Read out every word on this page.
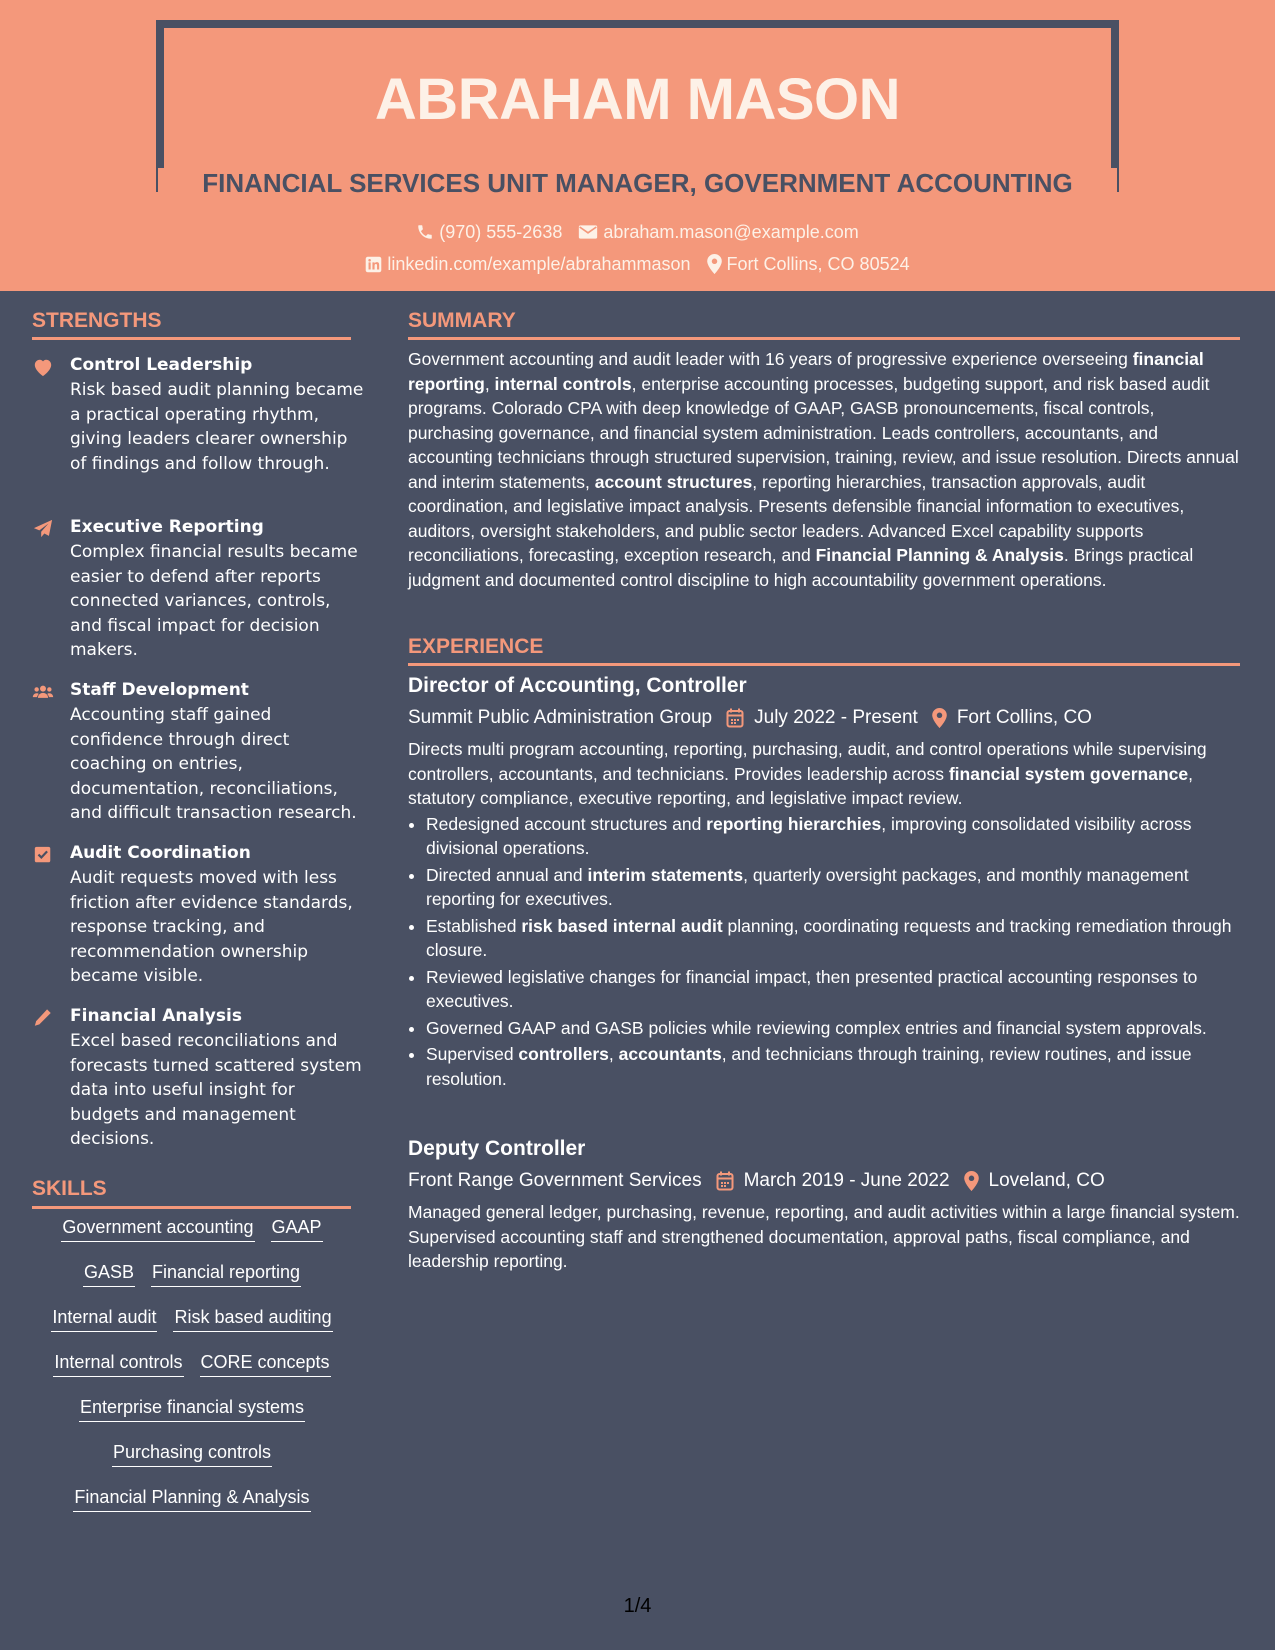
ABRAHAM MASON
FINANCIAL SERVICES UNIT MANAGER, GOVERNMENT ACCOUNTING
(970) 555-2638 abraham.mason@example.com
linkedin.com/example/abrahammason Fort Collins, CO 80524
STRENGTHS
Control Leadership
Risk based audit planning became a practical operating rhythm, giving leaders clearer ownership of findings and follow through.
Executive Reporting
Complex financial results became easier to defend after reports connected variances, controls, and fiscal impact for decision makers.
Staff Development
Accounting staff gained confidence through direct coaching on entries, documentation, reconciliations, and difficult transaction research.
Audit Coordination
Audit requests moved with less friction after evidence standards, response tracking, and recommendation ownership became visible.
Financial Analysis
Excel based reconciliations and forecasts turned scattered system data into useful insight for budgets and management decisions.
SKILLS
Government accounting GAAP
GASB Financial reporting
Internal audit Risk based auditing
Internal controls CORE concepts
Enterprise financial systems
Purchasing controls
Financial Planning & Analysis
SUMMARY
Government accounting and audit leader with 16 years of progressive experience overseeing financial reporting, internal controls, enterprise accounting processes, budgeting support, and risk based audit programs. Colorado CPA with deep knowledge of GAAP, GASB pronouncements, fiscal controls, purchasing governance, and financial system administration. Leads controllers, accountants, and accounting technicians through structured supervision, training, review, and issue resolution. Directs annual and interim statements, account structures, reporting hierarchies, transaction approvals, audit coordination, and legislative impact analysis. Presents defensible financial information to executives, auditors, oversight stakeholders, and public sector leaders. Advanced Excel capability supports reconciliations, forecasting, exception research, and Financial Planning & Analysis. Brings practical judgment and documented control discipline to high accountability government operations.
EXPERIENCE
Director of Accounting, Controller
Summit Public Administration Group July 2022 - Present Fort Collins, CO
Directs multi program accounting, reporting, purchasing, audit, and control operations while supervising controllers, accountants, and technicians. Provides leadership across financial system governance, statutory compliance, executive reporting, and legislative impact review.
• Redesigned account structures and reporting hierarchies, improving consolidated visibility across divisional operations.
• Directed annual and interim statements, quarterly oversight packages, and monthly management reporting for executives.
• Established risk based internal audit planning, coordinating requests and tracking remediation through closure.
• Reviewed legislative changes for financial impact, then presented practical accounting responses to executives.
• Governed GAAP and GASB policies while reviewing complex entries and financial system approvals.
• Supervised controllers, accountants, and technicians through training, review routines, and issue resolution.
Deputy Controller
Front Range Government Services March 2019 - June 2022 Loveland, CO
Managed general ledger, purchasing, revenue, reporting, and audit activities within a large financial system. Supervised accounting staff and strengthened documentation, approval paths, fiscal compliance, and leadership reporting.
1/4
